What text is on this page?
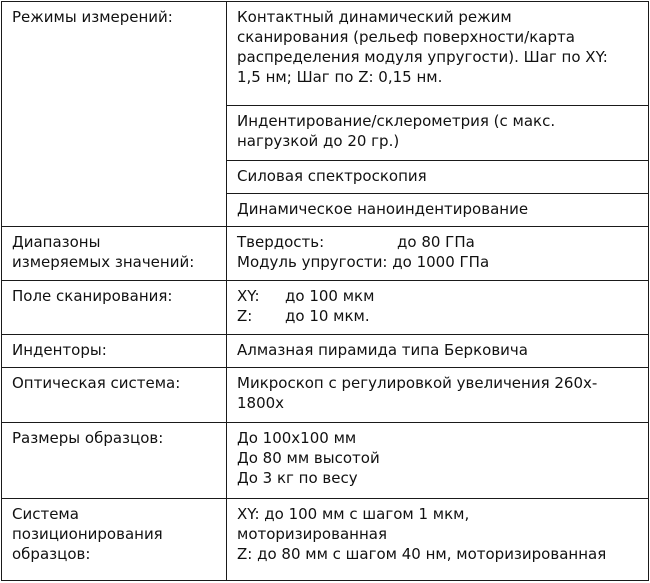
Режимы измерений:	Контактный динамический режим
сканирования (рельеф поверхности/карта
распределения модуля упругости). Шаг по XY:
1,5 нм; Шаг по Z: 0,15 нм.

	Индентирование/склерометрия (с макс.
нагрузкой до 20 гр.)

	Силовая спектроскопия

	Динамическое наноиндентирование

Диапазоны
измеряемых значений:	Твердость: до 80 ГПа
Модуль упругости: до 1000 ГПа

Поле сканирования:	XY: до 100 мкм
Z: до 10 мкм.

Инденторы:	Алмазная пирамида типа Берковича

Оптическая система:	Микроскоп с регулировкой увеличения 260х-
1800х

Размеры образцов:	До 100х100 мм
До 80 мм высотой
До 3 кг по весу

Система
позиционирования
образцов:	XY: до 100 мм с шагом 1 мкм,
моторизированная
Z: до 80 мм с шагом 40 нм, моторизированная
